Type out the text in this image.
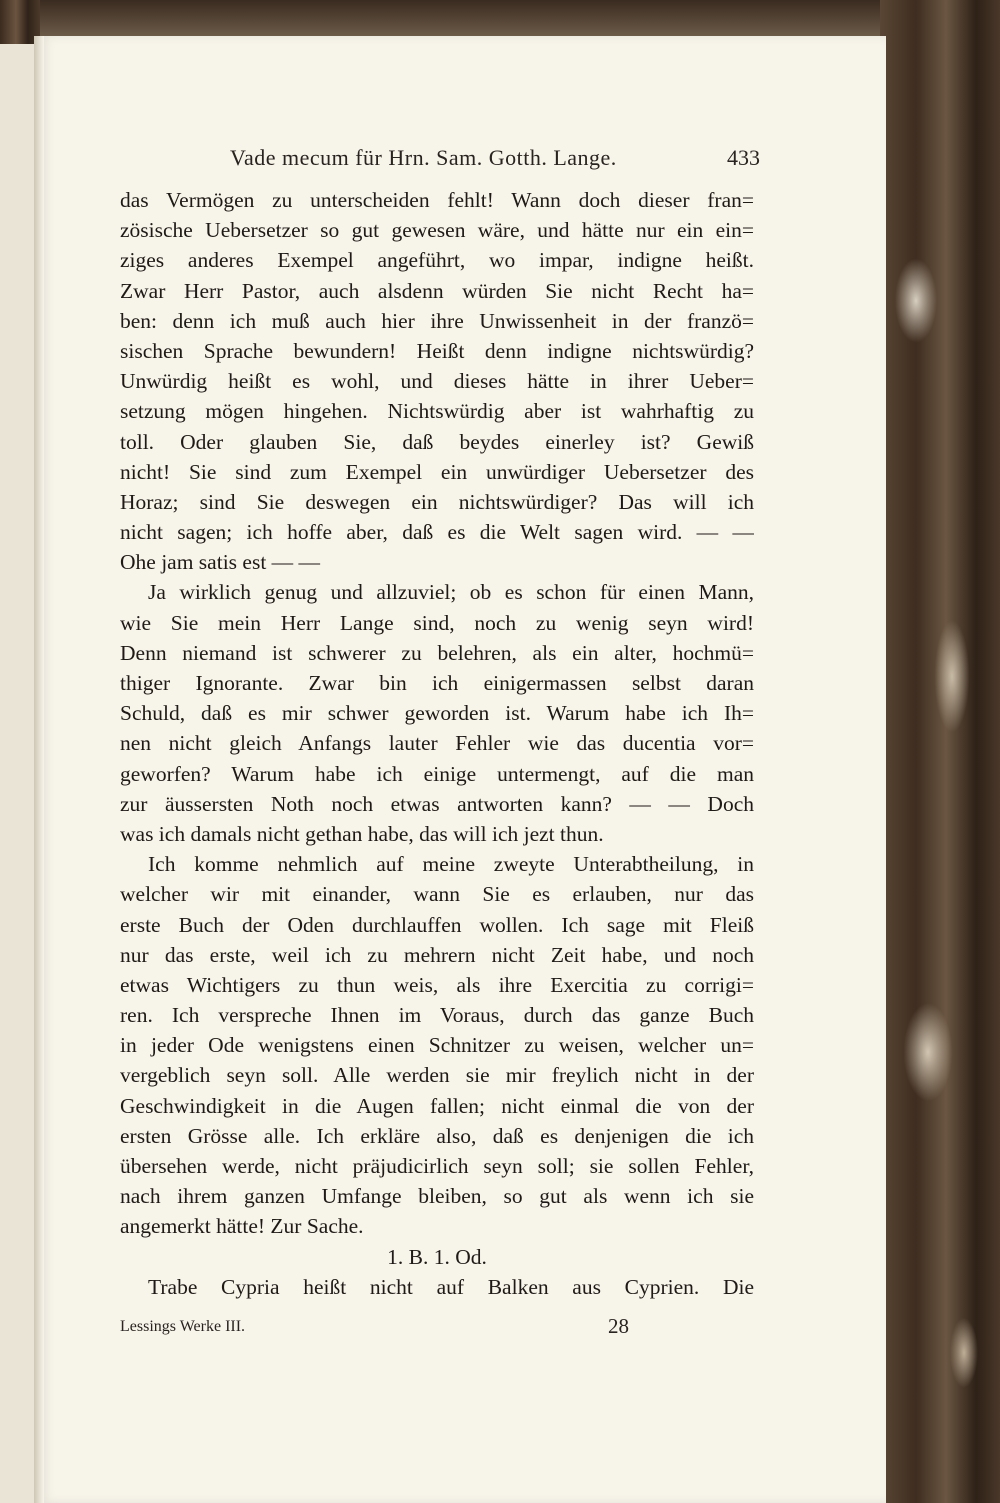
Vade mecum für Hrn. Sam. Gotth. Lange.	433
das Vermögen zu unterscheiden fehlt! Wann doch dieser fran=
zösische Uebersetzer so gut gewesen wäre, und hätte nur ein ein=
ziges anderes Exempel angeführt, wo impar, indigne heißt.
Zwar Herr Pastor, auch alsdenn würden Sie nicht Recht ha=
ben: denn ich muß auch hier ihre Unwissenheit in der franzö=
sischen Sprache bewundern! Heißt denn indigne nichtswürdig?
Unwürdig heißt es wohl, und dieses hätte in ihrer Ueber=
setzung mögen hingehen. Nichtswürdig aber ist wahrhaftig zu
toll. Oder glauben Sie, daß beydes einerley ist? Gewiß
nicht! Sie sind zum Exempel ein unwürdiger Uebersetzer des
Horaz; sind Sie deswegen ein nichtswürdiger? Das will ich
nicht sagen; ich hoffe aber, daß es die Welt sagen wird. — —
Ohe jam satis est — —
Ja wirklich genug und allzuviel; ob es schon für einen Mann,
wie Sie mein Herr Lange sind, noch zu wenig seyn wird!
Denn niemand ist schwerer zu belehren, als ein alter, hochmü=
thiger Ignorante. Zwar bin ich einigermassen selbst daran
Schuld, daß es mir schwer geworden ist. Warum habe ich Ih=
nen nicht gleich Anfangs lauter Fehler wie das ducentia vor=
geworfen? Warum habe ich einige untermengt, auf die man
zur äussersten Noth noch etwas antworten kann? — — Doch
was ich damals nicht gethan habe, das will ich jezt thun.
Ich komme nehmlich auf meine zweyte Unterabtheilung, in
welcher wir mit einander, wann Sie es erlauben, nur das
erste Buch der Oden durchlauffen wollen. Ich sage mit Fleiß
nur das erste, weil ich zu mehrern nicht Zeit habe, und noch
etwas Wichtigers zu thun weis, als ihre Exercitia zu corrigi=
ren. Ich verspreche Ihnen im Voraus, durch das ganze Buch
in jeder Ode wenigstens einen Schnitzer zu weisen, welcher un=
vergeblich seyn soll. Alle werden sie mir freylich nicht in der
Geschwindigkeit in die Augen fallen; nicht einmal die von der
ersten Grösse alle. Ich erkläre also, daß es denjenigen die ich
übersehen werde, nicht präjudicirlich seyn soll; sie sollen Fehler,
nach ihrem ganzen Umfange bleiben, so gut als wenn ich sie
angemerkt hätte! Zur Sache.
1. B. 1. Od.
Trabe Cypria heißt nicht auf Balken aus Cyprien. Die
Lessings Werke III.	28
